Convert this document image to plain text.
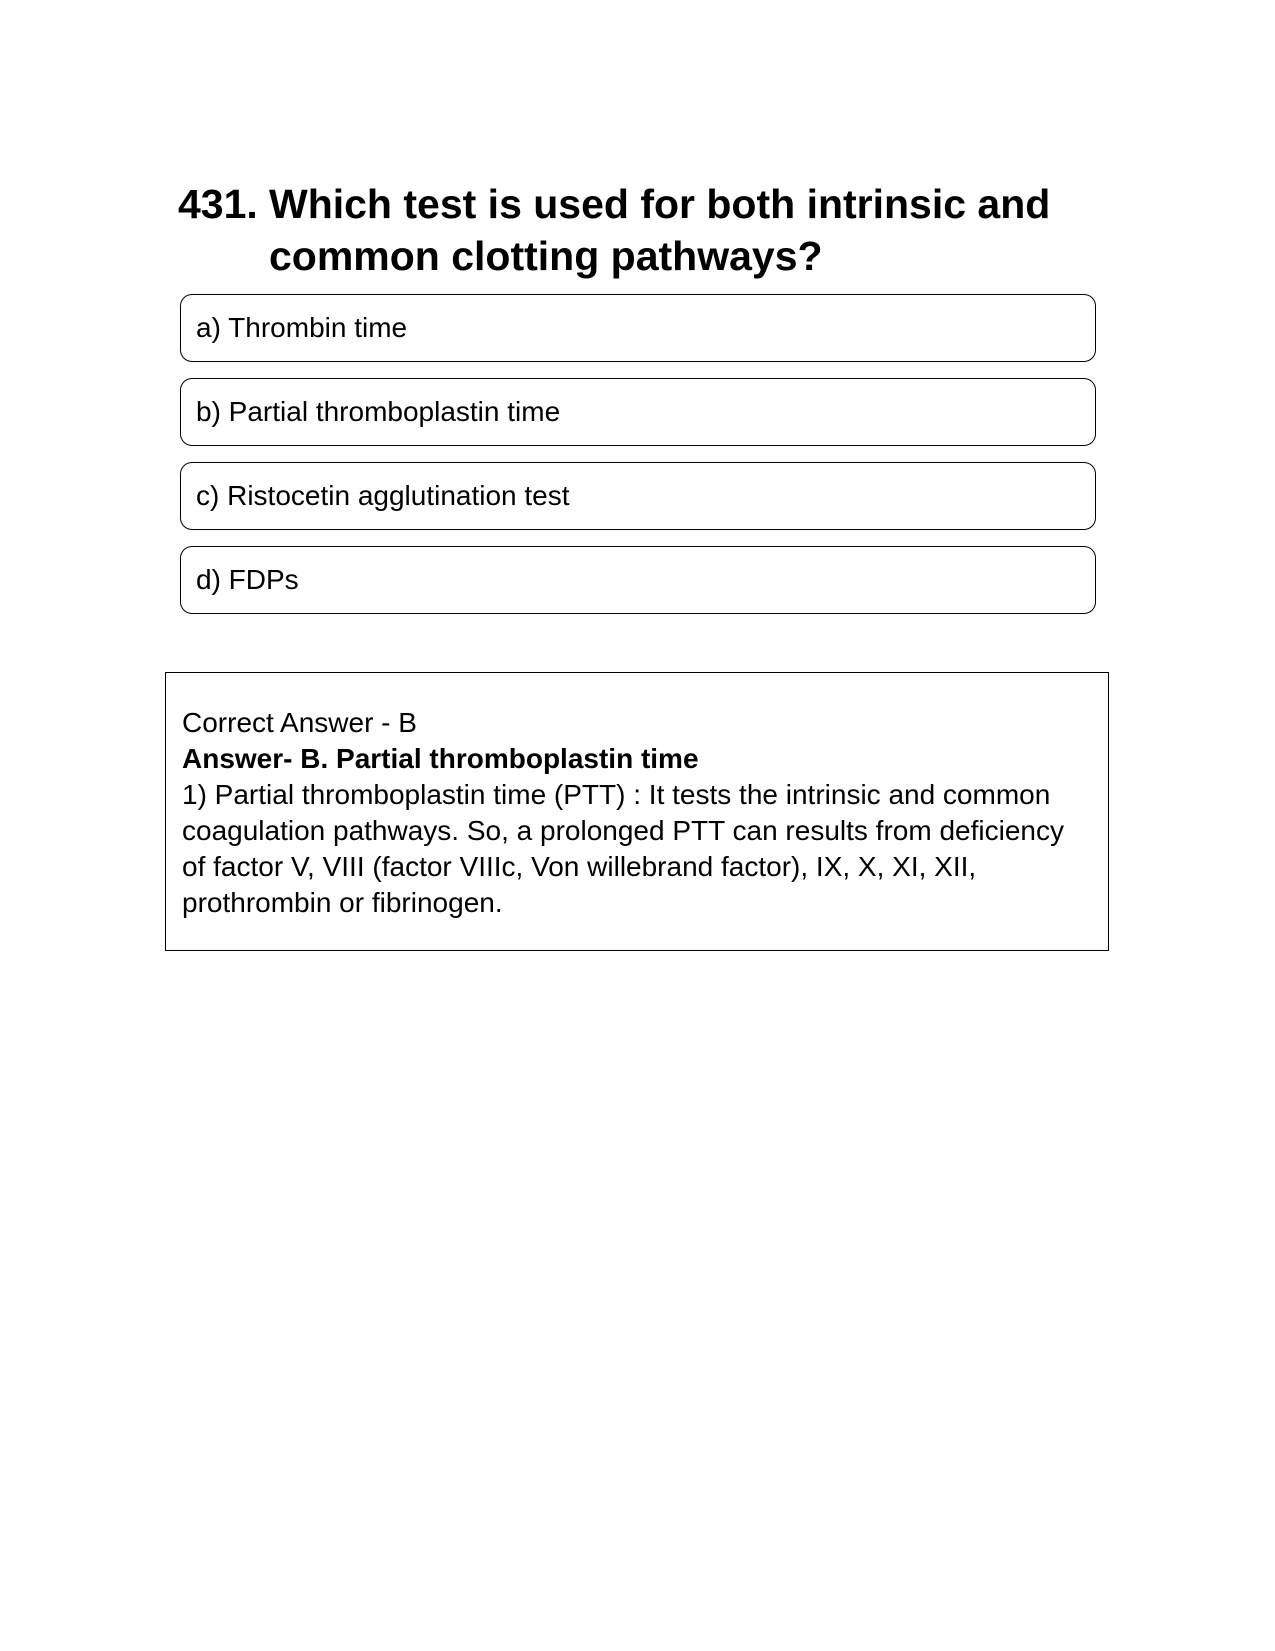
431. Which test is used for both intrinsic and common clotting pathways?
a) Thrombin time
b) Partial thromboplastin time
c) Ristocetin agglutination test
d) FDPs
Correct Answer - B
Answer- B. Partial thromboplastin time
1) Partial thromboplastin time (PTT) : It tests the intrinsic and common coagulation pathways. So, a prolonged PTT can results from deficiency of factor V, VIII (factor VIIIc, Von willebrand factor), IX, X, XI, XII, prothrombin or fibrinogen.
